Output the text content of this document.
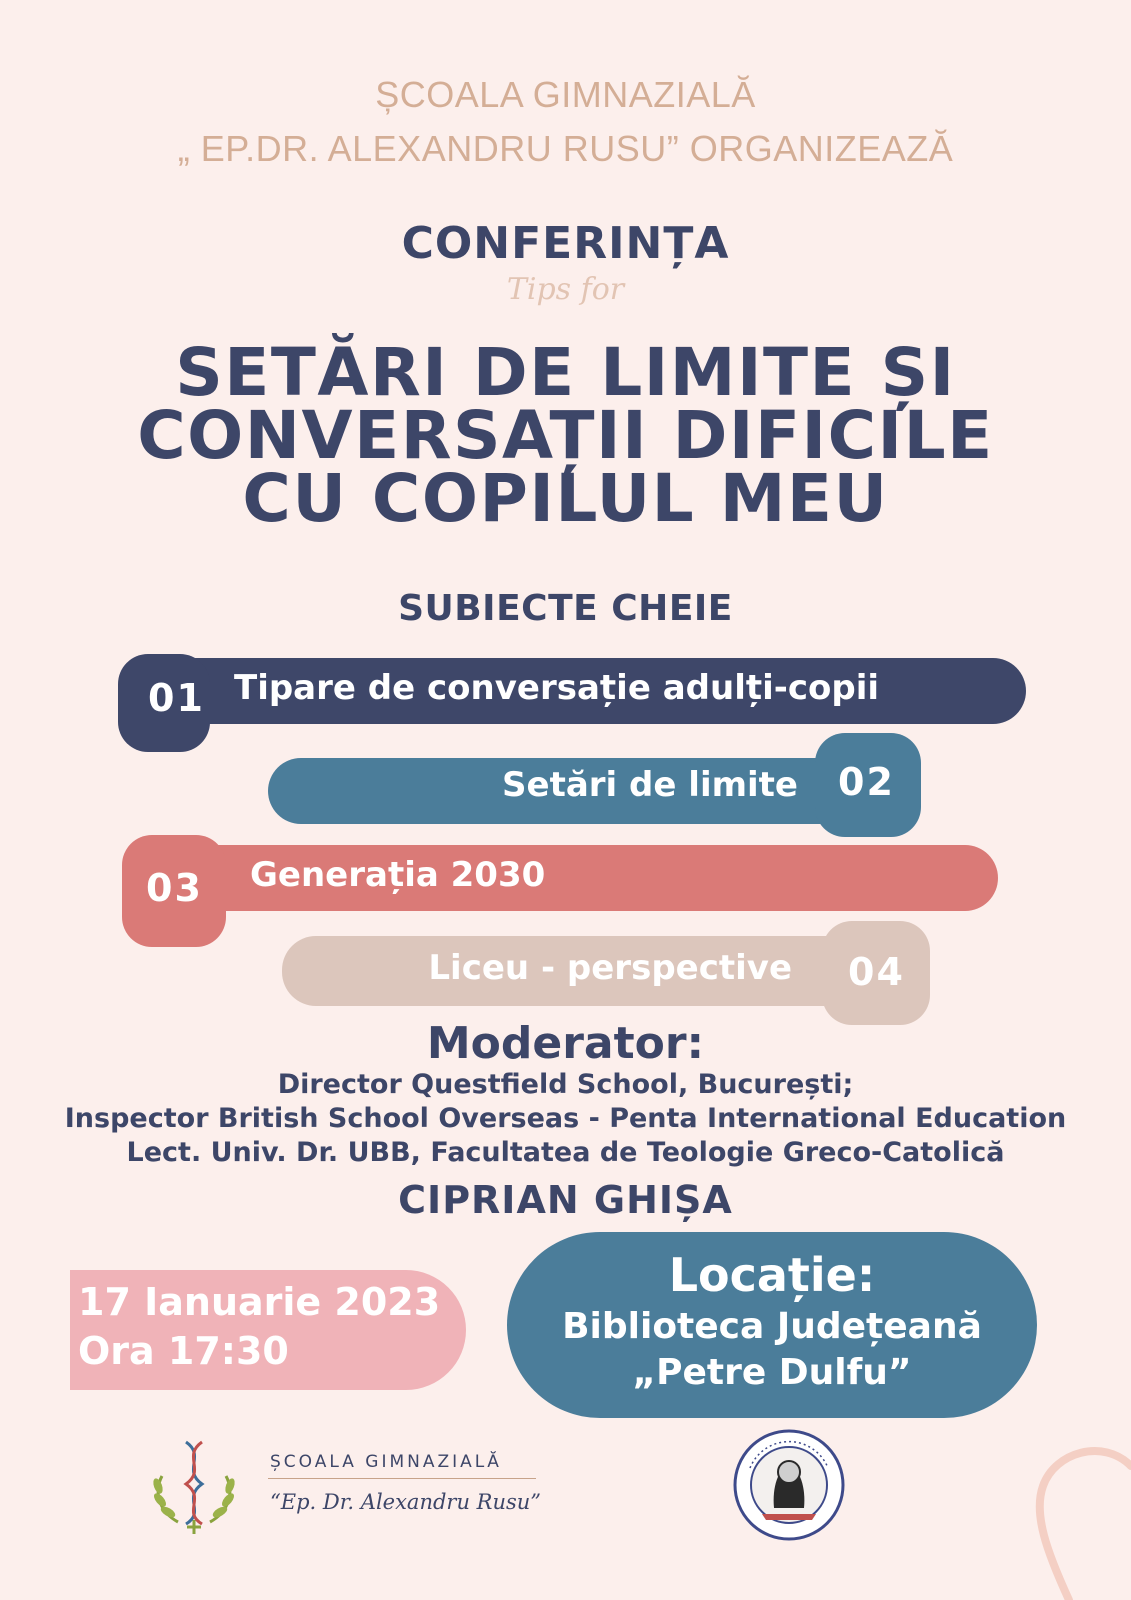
ȘCOALA GIMNAZIALĂ
„ EP.DR. ALEXANDRU RUSU” ORGANIZEAZĂ
CONFERINȚA
Tips for
SETĂRI DE LIMITE ȘI
CONVERSAȚII DIFICILE
CU COPILUL MEU
SUBIECTE CHEIE
01 Tipare de conversație adulți-copii
Setări de limite 02
03 Generația 2030
Liceu - perspective 04
Moderator:
Director Questfield School, București;
Inspector British School Overseas - Penta International Education
Lect. Univ. Dr. UBB, Facultatea de Teologie Greco-Catolică
CIPRIAN GHIȘA
17 Ianuarie 2023
Ora 17:30
Locație:
Biblioteca Județeană
„Petre Dulfu”
ȘCOALA GIMNAZIALĂ
“Ep. Dr. Alexandru Rusu”
